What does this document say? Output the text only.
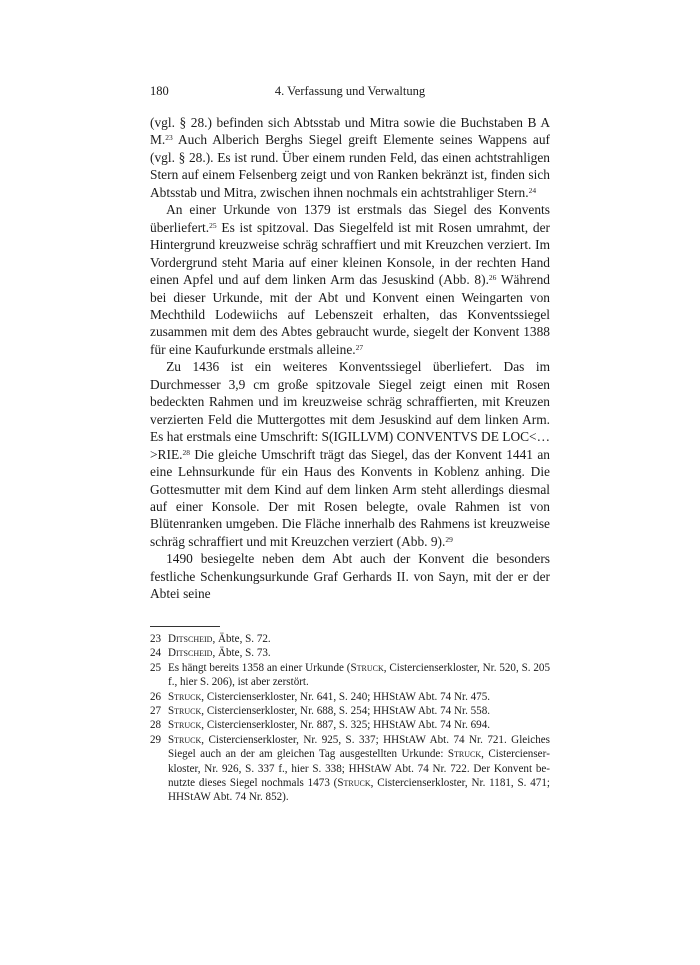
180	4. Verfassung und Verwaltung

(vgl. § 28.) befinden sich Abtsstab und Mitra sowie die Buchstaben B A M.$^{23}$ Auch Alberich Berghs Siegel greift Elemente seines Wappens auf (vgl. § 28.). Es ist rund. Über einem runden Feld, das einen achtstrahligen Stern auf einem Felsenberg zeigt und von Ranken bekränzt ist, finden sich Abtsstab und Mitra, zwischen ihnen nochmals ein achtstrahliger Stern.$^{24}$

An einer Urkunde von 1379 ist erstmals das Siegel des Konvents überliefert.$^{25}$ Es ist spitzoval. Das Siegelfeld ist mit Rosen umrahmt, der Hintergrund kreuzweise schräg schraffiert und mit Kreuzchen verziert. Im Vordergrund steht Maria auf einer kleinen Konsole, in der rechten Hand einen Apfel und auf dem linken Arm das Jesuskind (Abb. 8).$^{26}$ Während bei dieser Urkunde, mit der Abt und Konvent einen Weingarten von Mechthild Lodewiichs auf Lebenszeit erhalten, das Konventssiegel zusammen mit dem des Abtes gebraucht wurde, siegelt der Konvent 1388 für eine Kaufurkunde erstmals alleine.$^{27}$

Zu 1436 ist ein weiteres Konventssiegel überliefert. Das im Durchmesser 3,9 cm große spitzovale Siegel zeigt einen mit Rosen bedeckten Rahmen und im kreuzweise schräg schraffierten, mit Kreuzen verzierten Feld die Muttergottes mit dem Jesuskind auf dem linken Arm. Es hat erstmals eine Umschrift: S(IGILLVM) CONVENTVS DE LOC<…>RIE.$^{28}$ Die gleiche Umschrift trägt das Siegel, das der Konvent 1441 an eine Lehnsurkunde für ein Haus des Konvents in Koblenz anhing. Die Gottesmutter mit dem Kind auf dem linken Arm steht allerdings diesmal auf einer Konsole. Der mit Rosen belegte, ovale Rahmen ist von Blütenranken umgeben. Die Fläche innerhalb des Rahmens ist kreuzweise schräg schraffiert und mit Kreuzchen verziert (Abb. 9).$^{29}$

1490 besiegelte neben dem Abt auch der Konvent die besonders festliche Schenkungsurkunde Graf Gerhards II. von Sayn, mit der er der Abtei seine

23 Ditscheid, Äbte, S. 72.
24 Ditscheid, Äbte, S. 73.
25 Es hängt bereits 1358 an einer Urkunde (Struck, Cistercienserkloster, Nr. 520, S. 205 f., hier S. 206), ist aber zerstört.
26 Struck, Cistercienserkloster, Nr. 641, S. 240; HHStAW Abt. 74 Nr. 475.
27 Struck, Cistercienserkloster, Nr. 688, S. 254; HHStAW Abt. 74 Nr. 558.
28 Struck, Cistercienserkloster, Nr. 887, S. 325; HHStAW Abt. 74 Nr. 694.
29 Struck, Cistercienserkloster, Nr. 925, S. 337; HHStAW Abt. 74 Nr. 721. Gleiches Siegel auch an der am gleichen Tag ausgestellten Urkunde: Struck, Cistercienserkloster, Nr. 926, S. 337 f., hier S. 338; HHStAW Abt. 74 Nr. 722. Der Konvent benutzte dieses Siegel nochmals 1473 (Struck, Cistercienserkloster, Nr. 1181, S. 471; HHStAW Abt. 74 Nr. 852).
